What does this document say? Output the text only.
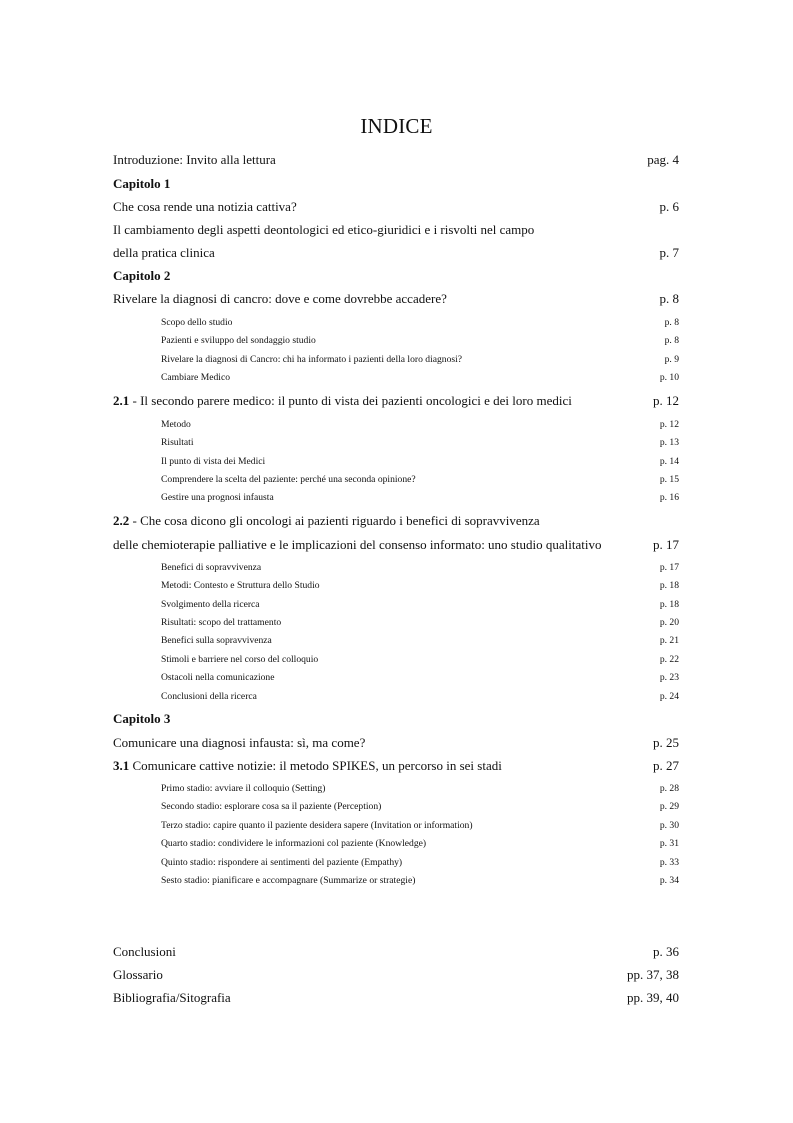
INDICE
Introduzione: Invito alla lettura	pag. 4
Capitolo 1
Che cosa rende una notizia cattiva?	p. 6
Il cambiamento degli aspetti deontologici ed etico-giuridici e i risvolti nel campo
della pratica clinica	p. 7
Capitolo 2
Rivelare la diagnosi di cancro: dove e come dovrebbe accadere?	p. 8
Scopo dello studio	p. 8
Pazienti e sviluppo del sondaggio studio	p. 8
Rivelare la diagnosi di Cancro: chi ha informato i pazienti della loro diagnosi?	p. 9
Cambiare Medico	p. 10
2.1 - Il secondo parere medico: il punto di vista dei pazienti oncologici e dei loro medici	p. 12
Metodo	p. 12
Risultati	p. 13
Il punto di vista dei Medici	p. 14
Comprendere la scelta del paziente: perché una seconda opinione?	p. 15
Gestire una prognosi infausta	p. 16
2.2 - Che cosa dicono gli oncologi ai pazienti riguardo i benefici di sopravvivenza
delle chemioterapie palliative e le implicazioni del consenso informato: uno studio qualitativo	p. 17
Benefici di sopravvivenza	p. 17
Metodi: Contesto e Struttura dello Studio	p. 18
Svolgimento della ricerca	p. 18
Risultati: scopo del trattamento	p. 20
Benefici sulla sopravvivenza	p. 21
Stimoli e barriere nel corso del colloquio	p. 22
Ostacoli nella comunicazione	p. 23
Conclusioni della ricerca	p. 24
Capitolo 3
Comunicare una diagnosi infausta: sì, ma come?	p. 25
3.1 Comunicare cattive notizie: il metodo SPIKES, un percorso in sei stadi	p. 27
Primo stadio: avviare il colloquio (Setting)	p. 28
Secondo stadio: esplorare cosa sa il paziente (Perception)	p. 29
Terzo stadio: capire quanto il paziente desidera sapere (Invitation or information)	p. 30
Quarto stadio: condividere le informazioni col paziente (Knowledge)	p. 31
Quinto stadio: rispondere ai sentimenti del paziente (Empathy)	p. 33
Sesto stadio: pianificare e accompagnare (Summarize or strategie)	p. 34
Conclusioni	p. 36
Glossario	pp. 37, 38
Bibliografia/Sitografia	pp. 39, 40
